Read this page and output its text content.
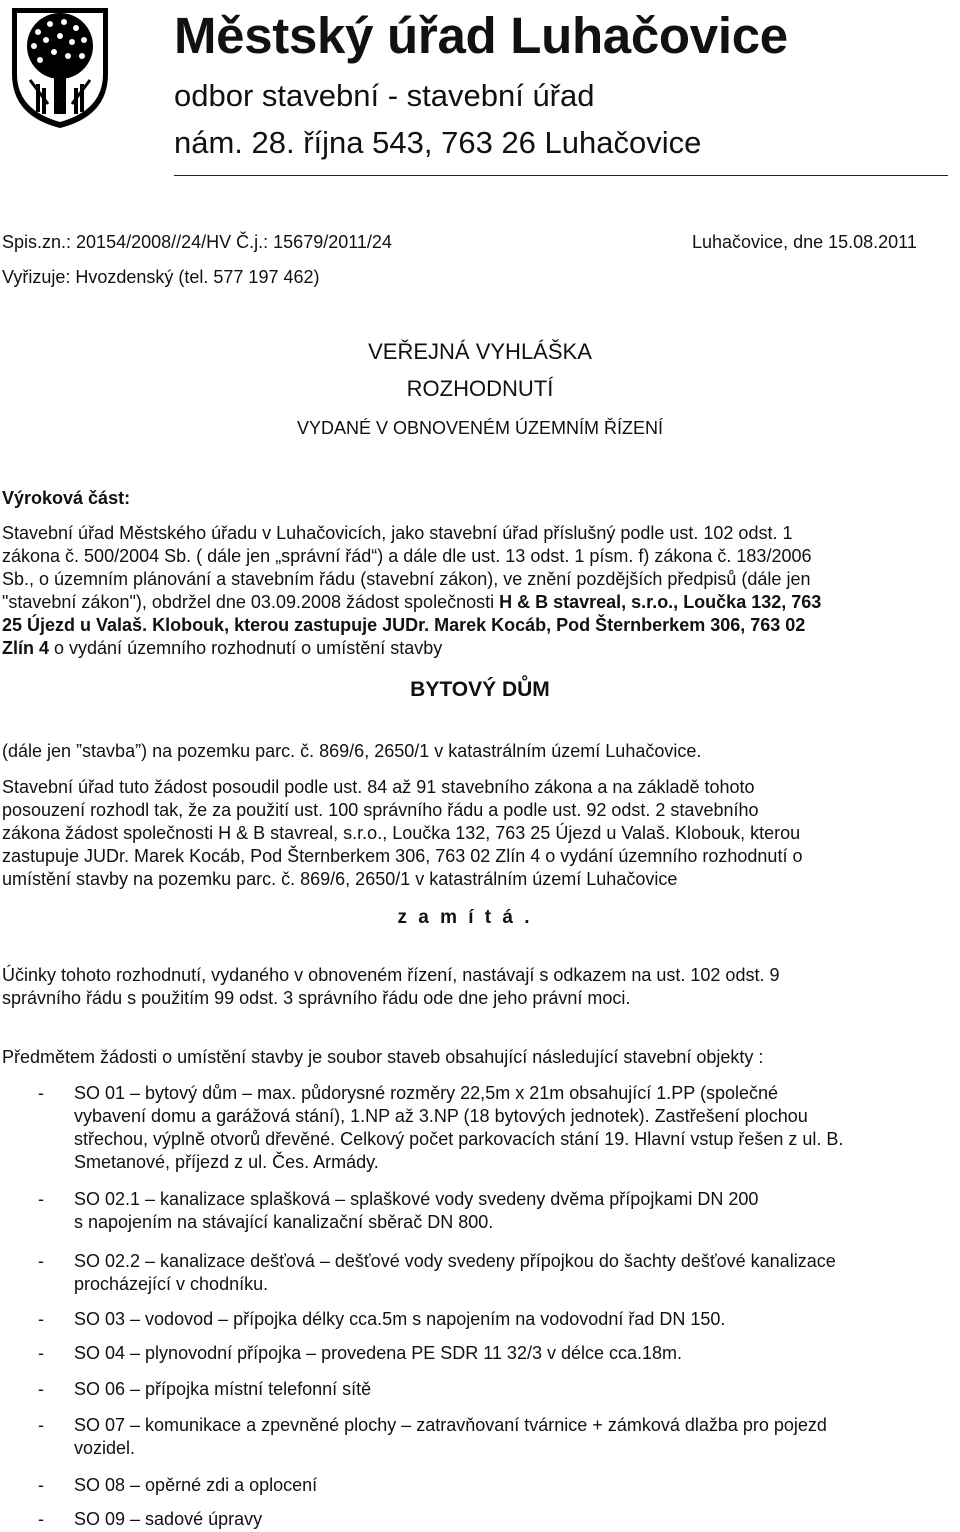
Městský úřad Luhačovice
odbor stavební - stavební úřad
nám. 28. října 543, 763 26 Luhačovice
Spis.zn.: 20154/2008//24/HV Č.j.: 15679/2011/24	Luhačovice, dne 15.08.2011
Vyřizuje: Hvozdenský (tel. 577 197 462)
VEŘEJNÁ VYHLÁŠKA
ROZHODNUTÍ
VYDANÉ V OBNOVENÉM ÚZEMNÍM ŘÍZENÍ
Výroková část:
Stavební úřad Městského úřadu v Luhačovicích, jako stavební úřad příslušný podle ust. 102 odst. 1
zákona č. 500/2004 Sb. ( dále jen „správní řád“) a dále dle ust. 13 odst. 1 písm. f) zákona č. 183/2006
Sb., o územním plánování a stavebním řádu (stavební zákon), ve znění pozdějších předpisů (dále jen
"stavební zákon"), obdržel dne 03.09.2008 žádost společnosti H & B stavreal, s.r.o., Loučka 132, 763
25 Újezd u Valaš. Klobouk, kterou zastupuje JUDr. Marek Kocáb, Pod Šternberkem 306, 763 02
Zlín 4 o vydání územního rozhodnutí o umístění stavby
BYTOVÝ DŮM
(dále jen ”stavba”) na pozemku parc. č. 869/6, 2650/1 v katastrálním území Luhačovice.
Stavební úřad tuto žádost posoudil podle ust. 84 až 91 stavebního zákona a na základě tohoto
posouzení rozhodl tak, že za použití ust. 100 správního řádu a podle ust. 92 odst. 2 stavebního
zákona žádost společnosti H & B stavreal, s.r.o., Loučka 132, 763 25 Újezd u Valaš. Klobouk, kterou
zastupuje JUDr. Marek Kocáb, Pod Šternberkem 306, 763 02 Zlín 4 o vydání územního rozhodnutí o
umístění stavby na pozemku parc. č. 869/6, 2650/1 v katastrálním území Luhačovice
z a m í t á .
Účinky tohoto rozhodnutí, vydaného v obnoveném řízení, nastávají s odkazem na ust. 102 odst. 9
správního řádu s použitím 99 odst. 3 správního řádu ode dne jeho právní moci.
Předmětem žádosti o umístění stavby je soubor staveb obsahující následující stavební objekty :
- SO 01 – bytový dům – max. půdorysné rozměry 22,5m x 21m obsahující 1.PP (společné
vybavení domu a garážová stání), 1.NP až 3.NP (18 bytových jednotek). Zastřešení plochou
střechou, výplně otvorů dřevěné. Celkový počet parkovacích stání 19. Hlavní vstup řešen z ul. B.
Smetanové, příjezd z ul. Čes. Armády.
- SO 02.1 – kanalizace splašková – splaškové vody svedeny dvěma přípojkami DN 200
s napojením na stávající kanalizační sběrač DN 800.
- SO 02.2 – kanalizace dešťová – dešťové vody svedeny přípojkou do šachty dešťové kanalizace
procházející v chodníku.
- SO 03 – vodovod – přípojka délky cca.5m s napojením na vodovodní řad DN 150.
- SO 04 – plynovodní přípojka – provedena PE SDR 11 32/3 v délce cca.18m.
- SO 06 – přípojka místní telefonní sítě
- SO 07 – komunikace a zpevněné plochy – zatravňovaní tvárnice + zámková dlažba pro pojezd
vozidel.
- SO 08 – opěrné zdi a oplocení
- SO 09 – sadové úpravy
